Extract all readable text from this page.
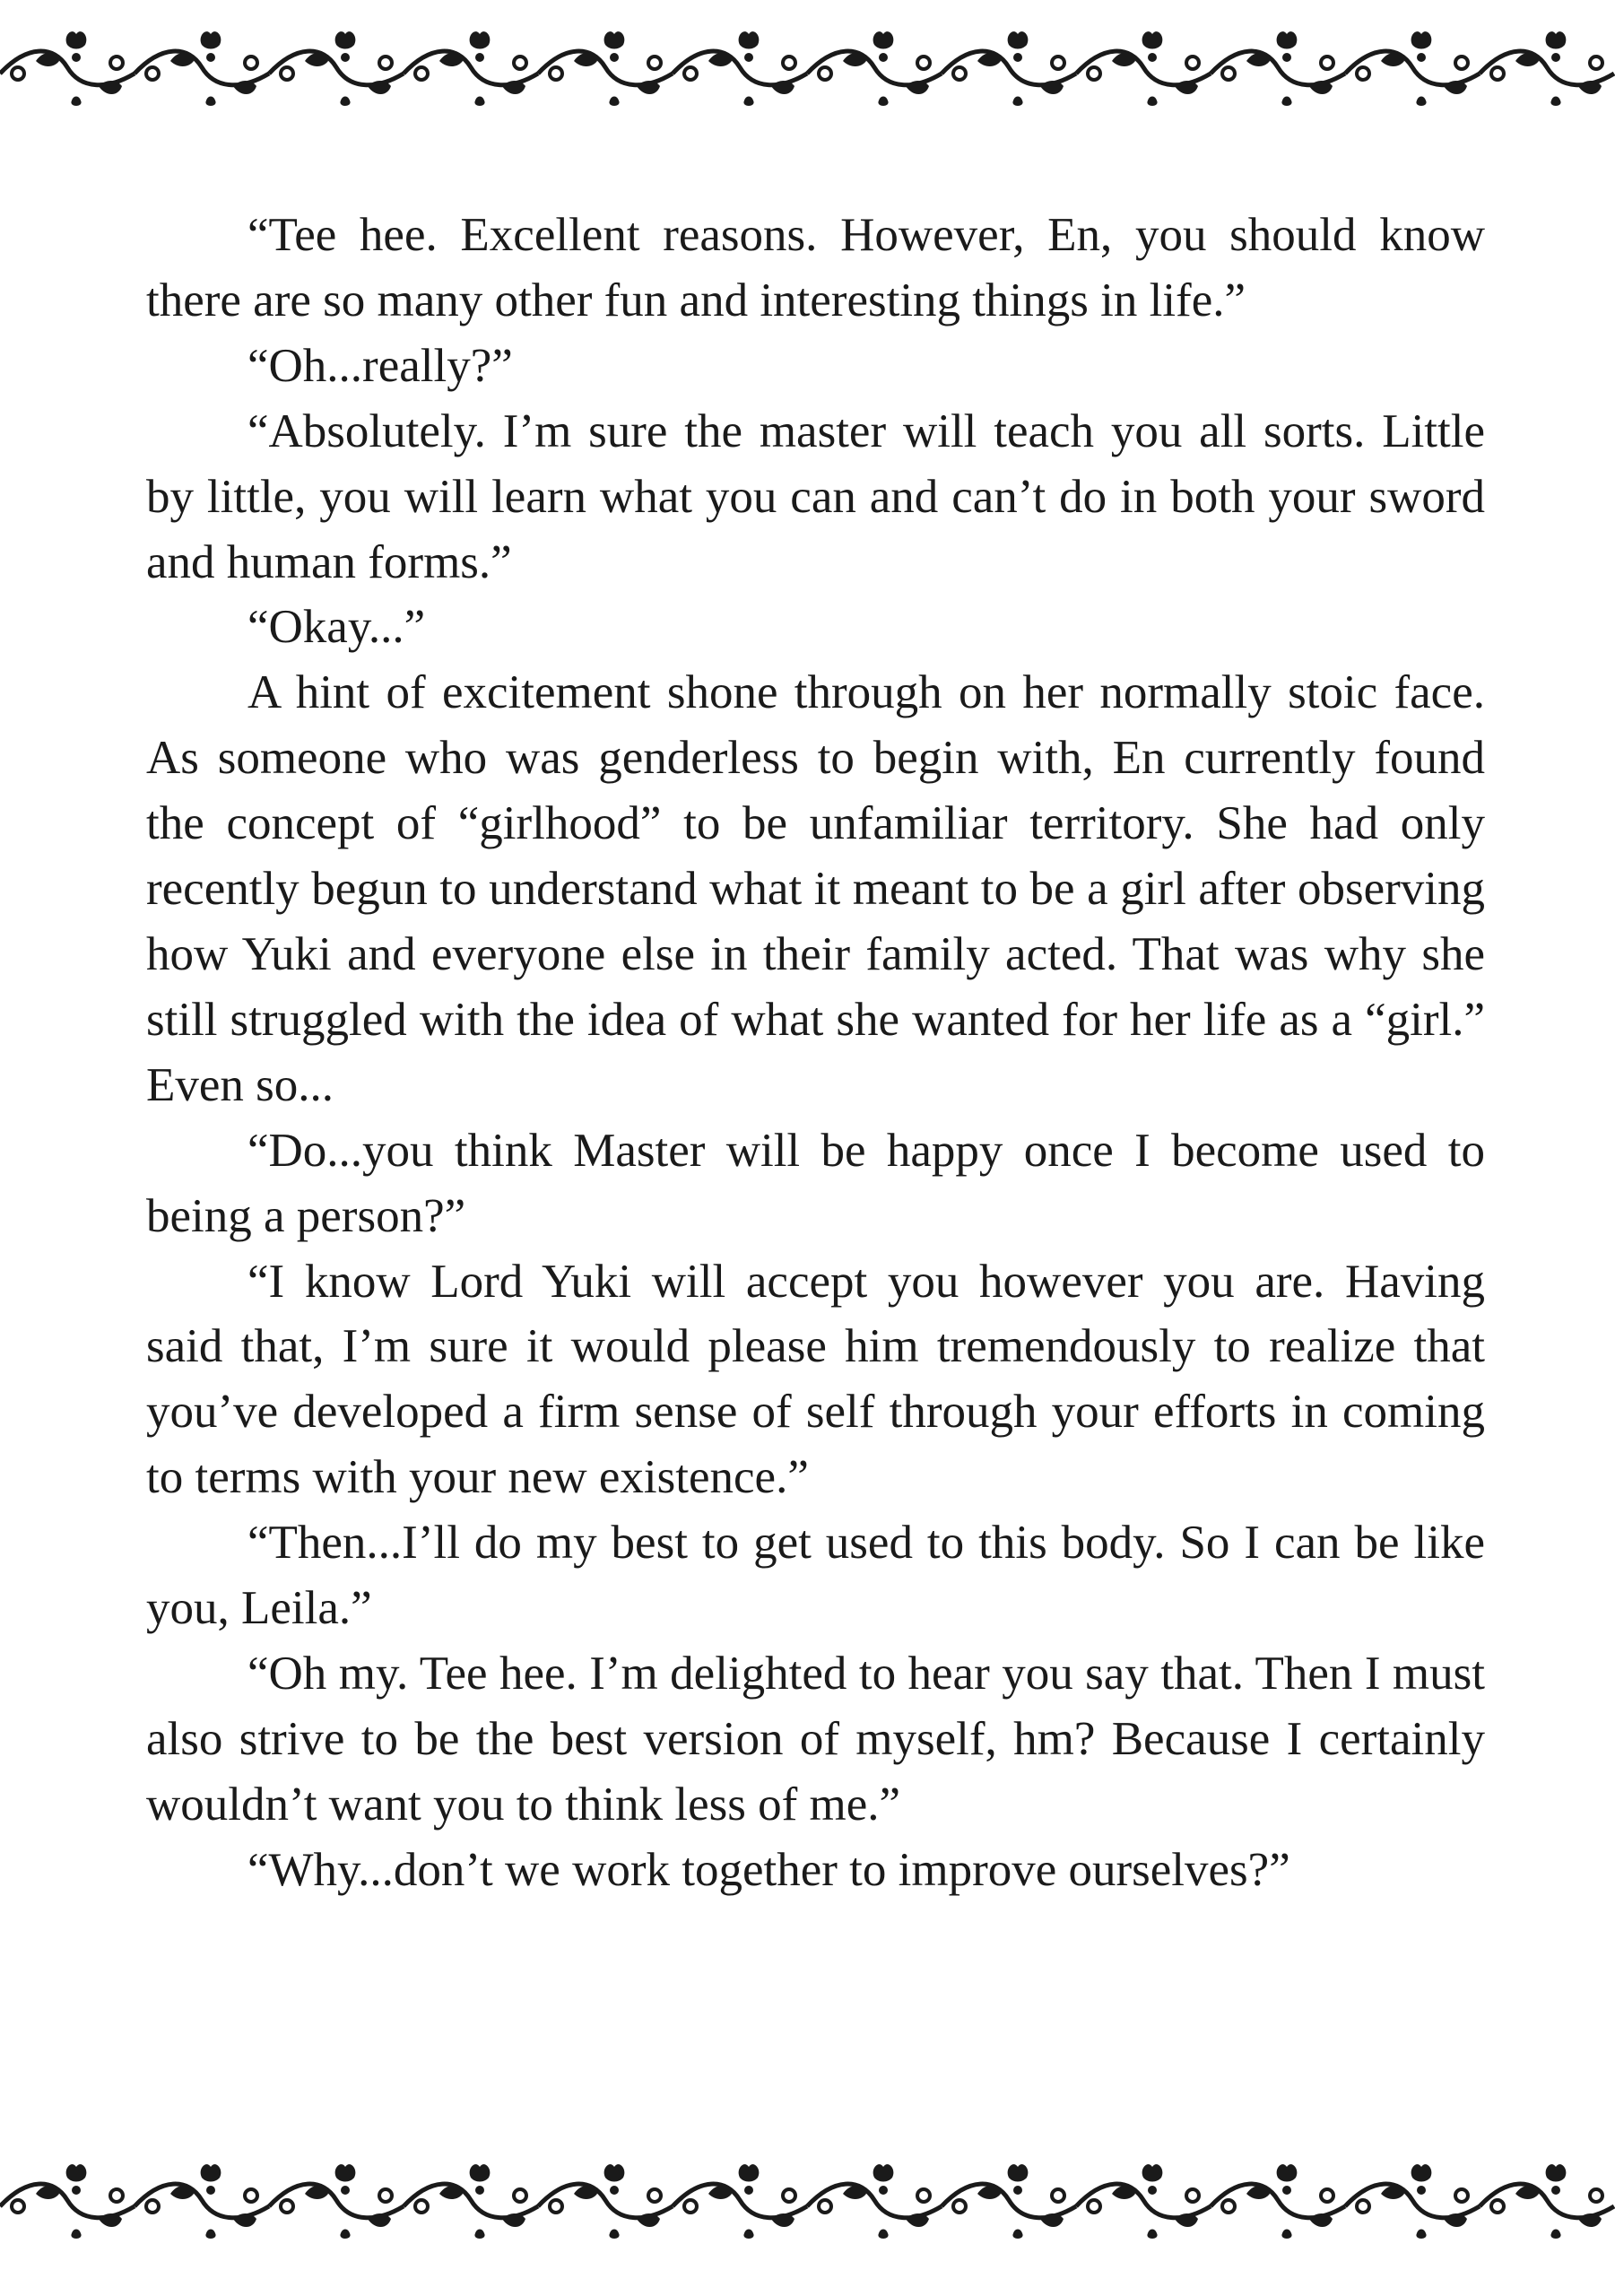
“Tee hee. Excellent reasons. However, En, you should know there are so many other fun and interesting things in life.”

“Oh...really?”

“Absolutely. I’m sure the master will teach you all sorts. Little by little, you will learn what you can and can’t do in both your sword and human forms.”

“Okay...”

A hint of excitement shone through on her normally stoic face. As someone who was genderless to begin with, En currently found the concept of “girlhood” to be unfamiliar territory. She had only recently begun to understand what it meant to be a girl after observing how Yuki and everyone else in their family acted. That was why she still struggled with the idea of what she wanted for her life as a “girl.” Even so...

“Do...you think Master will be happy once I become used to being a person?”

“I know Lord Yuki will accept you however you are. Having said that, I’m sure it would please him tremendously to realize that you’ve developed a firm sense of self through your efforts in coming to terms with your new existence.”

“Then...I’ll do my best to get used to this body. So I can be like you, Leila.”

“Oh my. Tee hee. I’m delighted to hear you say that. Then I must also strive to be the best version of myself, hm? Because I certainly wouldn’t want you to think less of me.”

“Why...don’t we work together to improve ourselves?”
